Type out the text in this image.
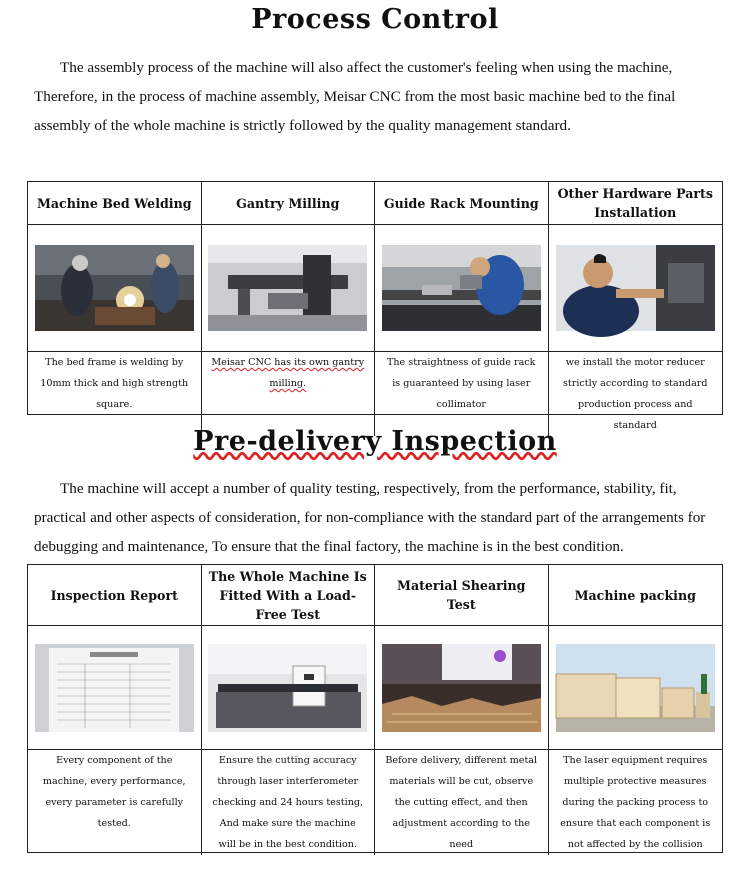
Process Control
The assembly process of the machine will also affect the customer's feeling when using the machine, Therefore, in the process of machine assembly, Meisar CNC from the most basic machine bed to the final assembly of the whole machine is strictly followed by the quality management standard.
Machine Bed Welding	Gantry Milling	Guide Rack Mounting
Other Hardware Parts Installation
The bed frame is welding by 10mm thick and high strength square.
Meisar CNC has its own gantry milling.
The straightness of guide rack is guaranteed by using laser collimator
we install the motor reducer strictly according to standard production process and standard
Pre-delivery Inspection
The machine will accept a number of quality testing, respectively, from the performance, stability, fit, practical and other aspects of consideration, for non-compliance with the standard part of the arrangements for debugging and maintenance, To ensure that the final factory, the machine is in the best condition.
Inspection Report
The Whole Machine Is Fitted With a Load-Free Test
Material Shearing Test
Machine packing
Every component of the machine, every performance, every parameter is carefully tested.
Ensure the cutting accuracy through laser interferometer checking and 24 hours testing, And make sure the machine will be in the best condition.
Before delivery, different metal materials will be cut, observe the cutting effect, and then adjustment according to the need
The laser equipment requires multiple protective measures during the packing process to ensure that each component is not affected by the collision
